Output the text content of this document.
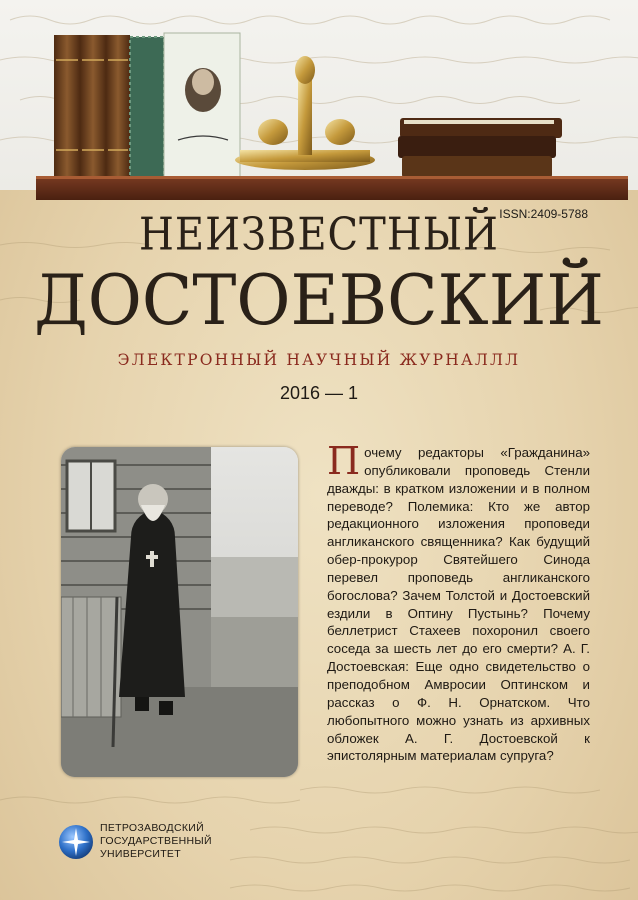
ISSN:2409-5788
НЕИЗВЕСТНЫЙ
ДОСТОЕВСКИЙ
ЭЛЕКТРОННЫЙ НАУЧНЫЙ ЖУРНАЛЛЛ
2016 — 1
Почему редакторы «Гражданина» опубликовали проповедь Стенли дважды: в кратком изложении и в полном переводе? Полемика: Кто же автор редакционного изложения проповеди англиканского священника? Как будущий обер-прокурор Святейшего Синода перевел проповедь англиканского богослова? Зачем Толстой и Достоевский ездили в Оптину Пустынь? Почему беллетрист Стахеев похоронил своего соседа за шесть лет до его смерти? А. Г. Достоевская: Еще одно свидетельство о преподобном Амвросии Оптинском и рассказ о Ф. Н. Орнатском. Что любопытного можно узнать из архивных обложек А. Г. Достоевской к эпистолярным материалам супруга?
ПЕТРОЗАВОДСКИЙ
ГОСУДАРСТВЕННЫЙ
УНИВЕРСИТЕТ
